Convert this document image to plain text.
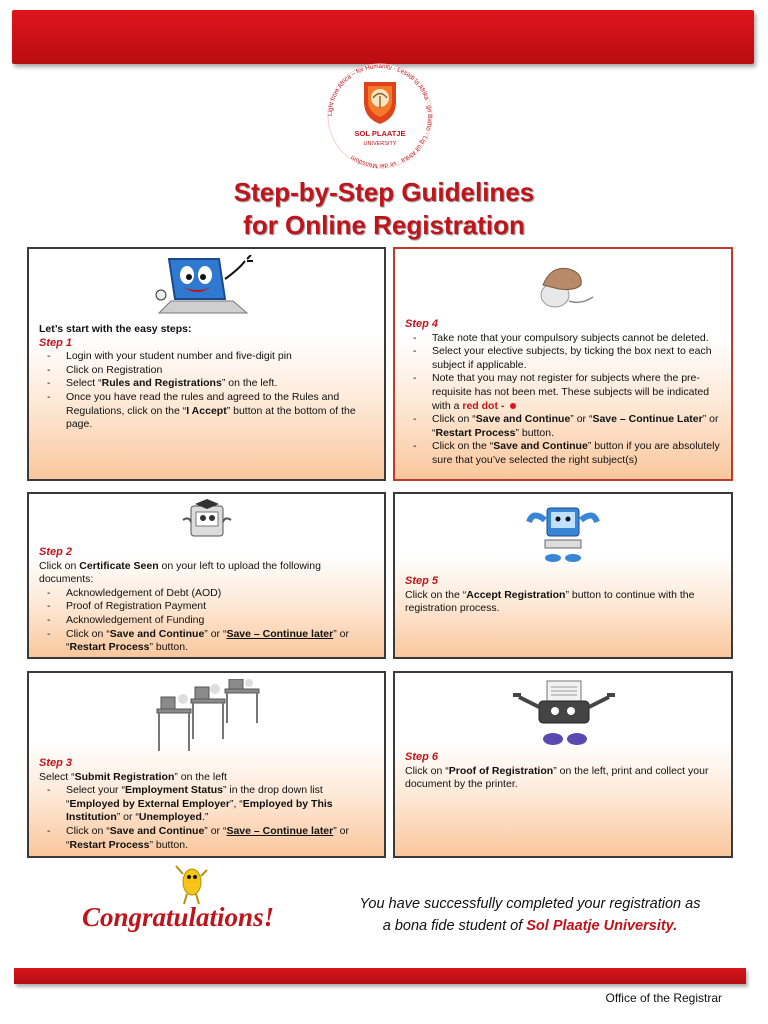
Light from Africa – for Humanity · Lesedi la Afrika · go Batho · Lig uit Afrika · vir die Mensdom
SOL PLAATJE
UNIVERSITY
Step-by-Step Guidelines
for Online Registration
Let’s start with the easy steps:
Step 1
- Login with your student number and five-digit pin
- Click on Registration
- Select “Rules and Registrations” on the left.
- Once you have read the rules and agreed to the Rules and Regulations, click on the “I Accept” button at the bottom of the page.
Step 4
- Take note that your compulsory subjects cannot be deleted.
- Select your elective subjects, by ticking the box next to each subject if applicable.
- Note that you may not register for subjects where the pre-requisite has not been met. These subjects will be indicated with a red dot -
- Click on “Save and Continue” or “Save – Continue Later” or “Restart Process” button.
- Click on the “Save and Continue” button if you are absolutely sure that you’ve selected the right subject(s)
Step 2
Click on Certificate Seen on your left to upload the following documents:
- Acknowledgement of Debt (AOD)
- Proof of Registration Payment
- Acknowledgement of Funding
- Click on “Save and Continue” or “Save – Continue later” or “Restart Process” button.
Step 5
Click on the “Accept Registration” button to continue with the registration process.
Step 3
Select “Submit Registration” on the left
- Select your “Employment Status” in the drop down list “Employed by External Employer”, “Employed by This Institution” or “Unemployed.”
- Click on “Save and Continue” or “Save – Continue later” or “Restart Process” button.
Step 6
Click on “Proof of Registration” on the left, print and collect your document by the printer.
Congratulations!	You have successfully completed your registration as
a bona fide student of Sol Plaatje University.
Office of the Registrar
